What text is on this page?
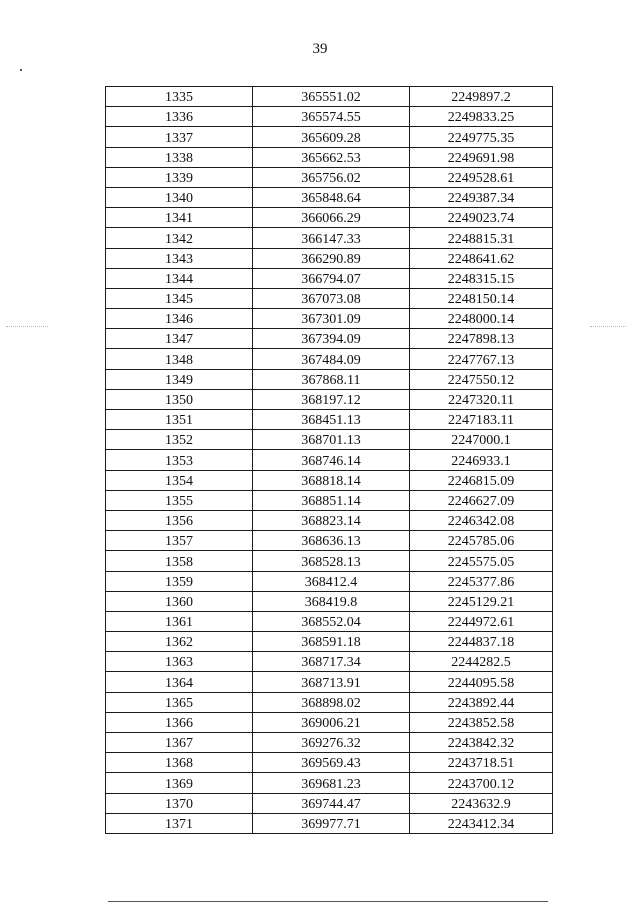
39
1335	365551.02	2249897.2
1336	365574.55	2249833.25
1337	365609.28	2249775.35
1338	365662.53	2249691.98
1339	365756.02	2249528.61
1340	365848.64	2249387.34
1341	366066.29	2249023.74
1342	366147.33	2248815.31
1343	366290.89	2248641.62
1344	366794.07	2248315.15
1345	367073.08	2248150.14
1346	367301.09	2248000.14
1347	367394.09	2247898.13
1348	367484.09	2247767.13
1349	367868.11	2247550.12
1350	368197.12	2247320.11
1351	368451.13	2247183.11
1352	368701.13	2247000.1
1353	368746.14	2246933.1
1354	368818.14	2246815.09
1355	368851.14	2246627.09
1356	368823.14	2246342.08
1357	368636.13	2245785.06
1358	368528.13	2245575.05
1359	368412.4	2245377.86
1360	368419.8	2245129.21
1361	368552.04	2244972.61
1362	368591.18	2244837.18
1363	368717.34	2244282.5
1364	368713.91	2244095.58
1365	368898.02	2243892.44
1366	369006.21	2243852.58
1367	369276.32	2243842.32
1368	369569.43	2243718.51
1369	369681.23	2243700.12
1370	369744.47	2243632.9
1371	369977.71	2243412.34
